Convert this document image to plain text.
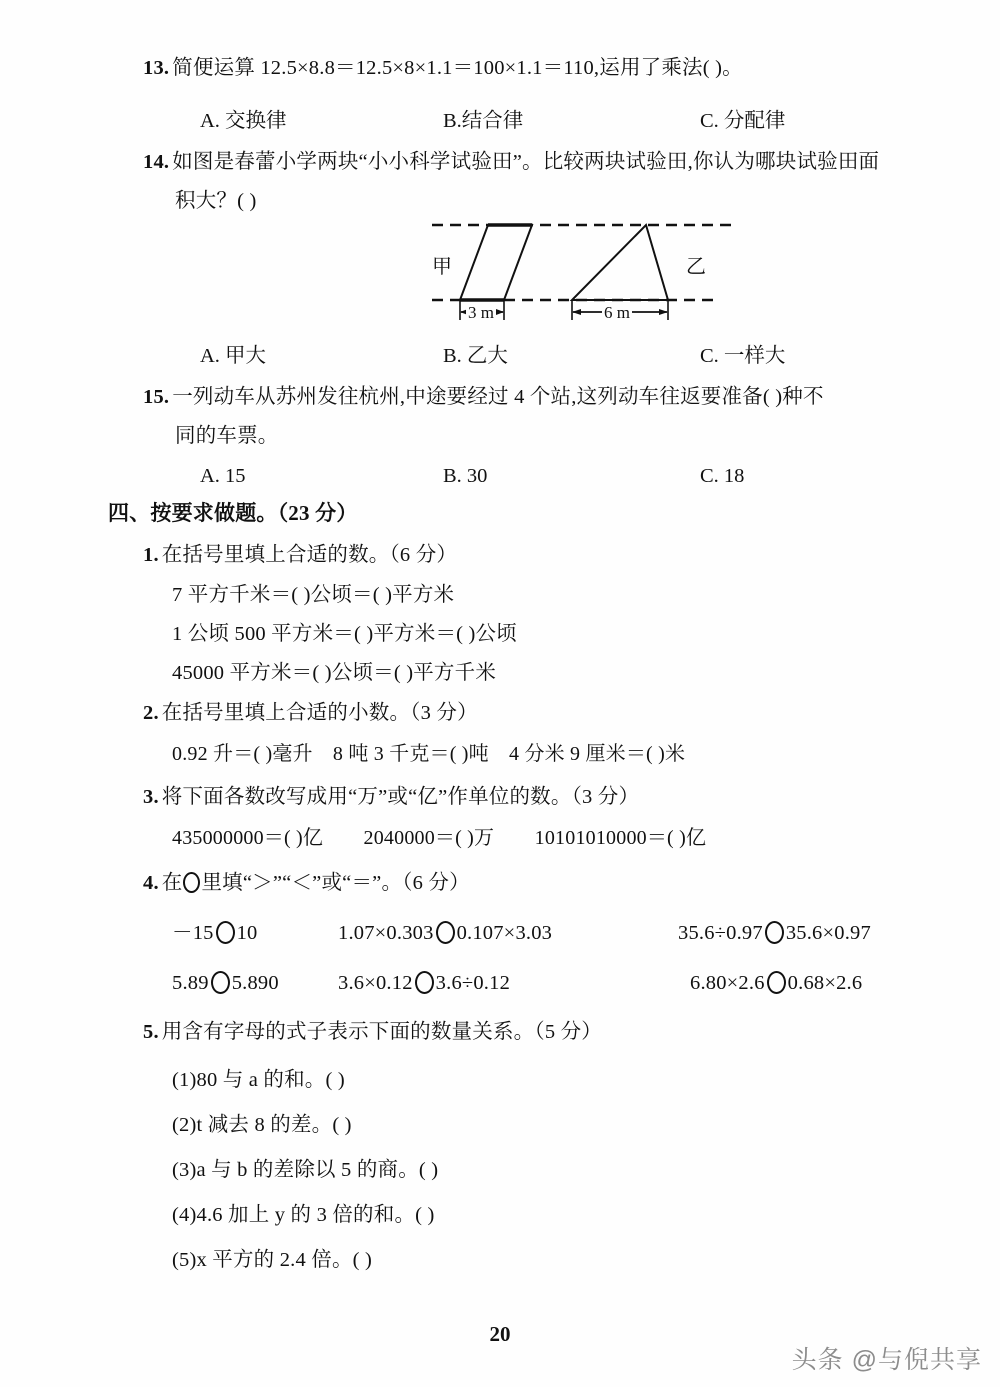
13. 简便运算 12.5×8.8＝12.5×8×1.1＝100×1.1＝110,运用了乘法( )。
A. 交换律	B.结合律	C. 分配律
14. 如图是春蕾小学两块“小小科学试验田”。比较两块试验田,你认为哪块试验田面
积大？( )
3 m	6 m
甲	乙
A. 甲大	B. 乙大	C. 一样大
15. 一列动车从苏州发往杭州,中途要经过 4 个站,这列动车往返要准备( )种不
同的车票。
A. 15	B. 30	C. 18
四、按要求做题。（23 分）
1. 在括号里填上合适的数。（6 分）
7 平方千米＝( )公顷＝( )平方米
1 公顷 500 平方米＝( )平方米＝( )公顷
45000 平方米＝( )公顷＝( )平方千米
2. 在括号里填上合适的小数。（3 分）
0.92 升＝( )毫升　8 吨 3 千克＝( )吨　4 分米 9 厘米＝( )米
3. 将下面各数改写成用“万”或“亿”作单位的数。（3 分）
435000000＝( )亿　　2040000＝( )万　　10101010000＝( )亿
4. 在 里填“＞”“＜”或“＝”。（6 分）
－15 10	1.07×0.303 0.107×3.03	35.6÷0.97 35.6×0.97
5.89 5.890	3.6×0.12 3.6÷0.12	6.80×2.6 0.68×2.6
5. 用含有字母的式子表示下面的数量关系。（5 分）
(1)80 与 a 的和。( )
(2)t 减去 8 的差。( )
(3)a 与 b 的差除以 5 的商。( )
(4)4.6 加上 y 的 3 倍的和。( )
(5)x 平方的 2.4 倍。( )
20
头条 @与倪共享
